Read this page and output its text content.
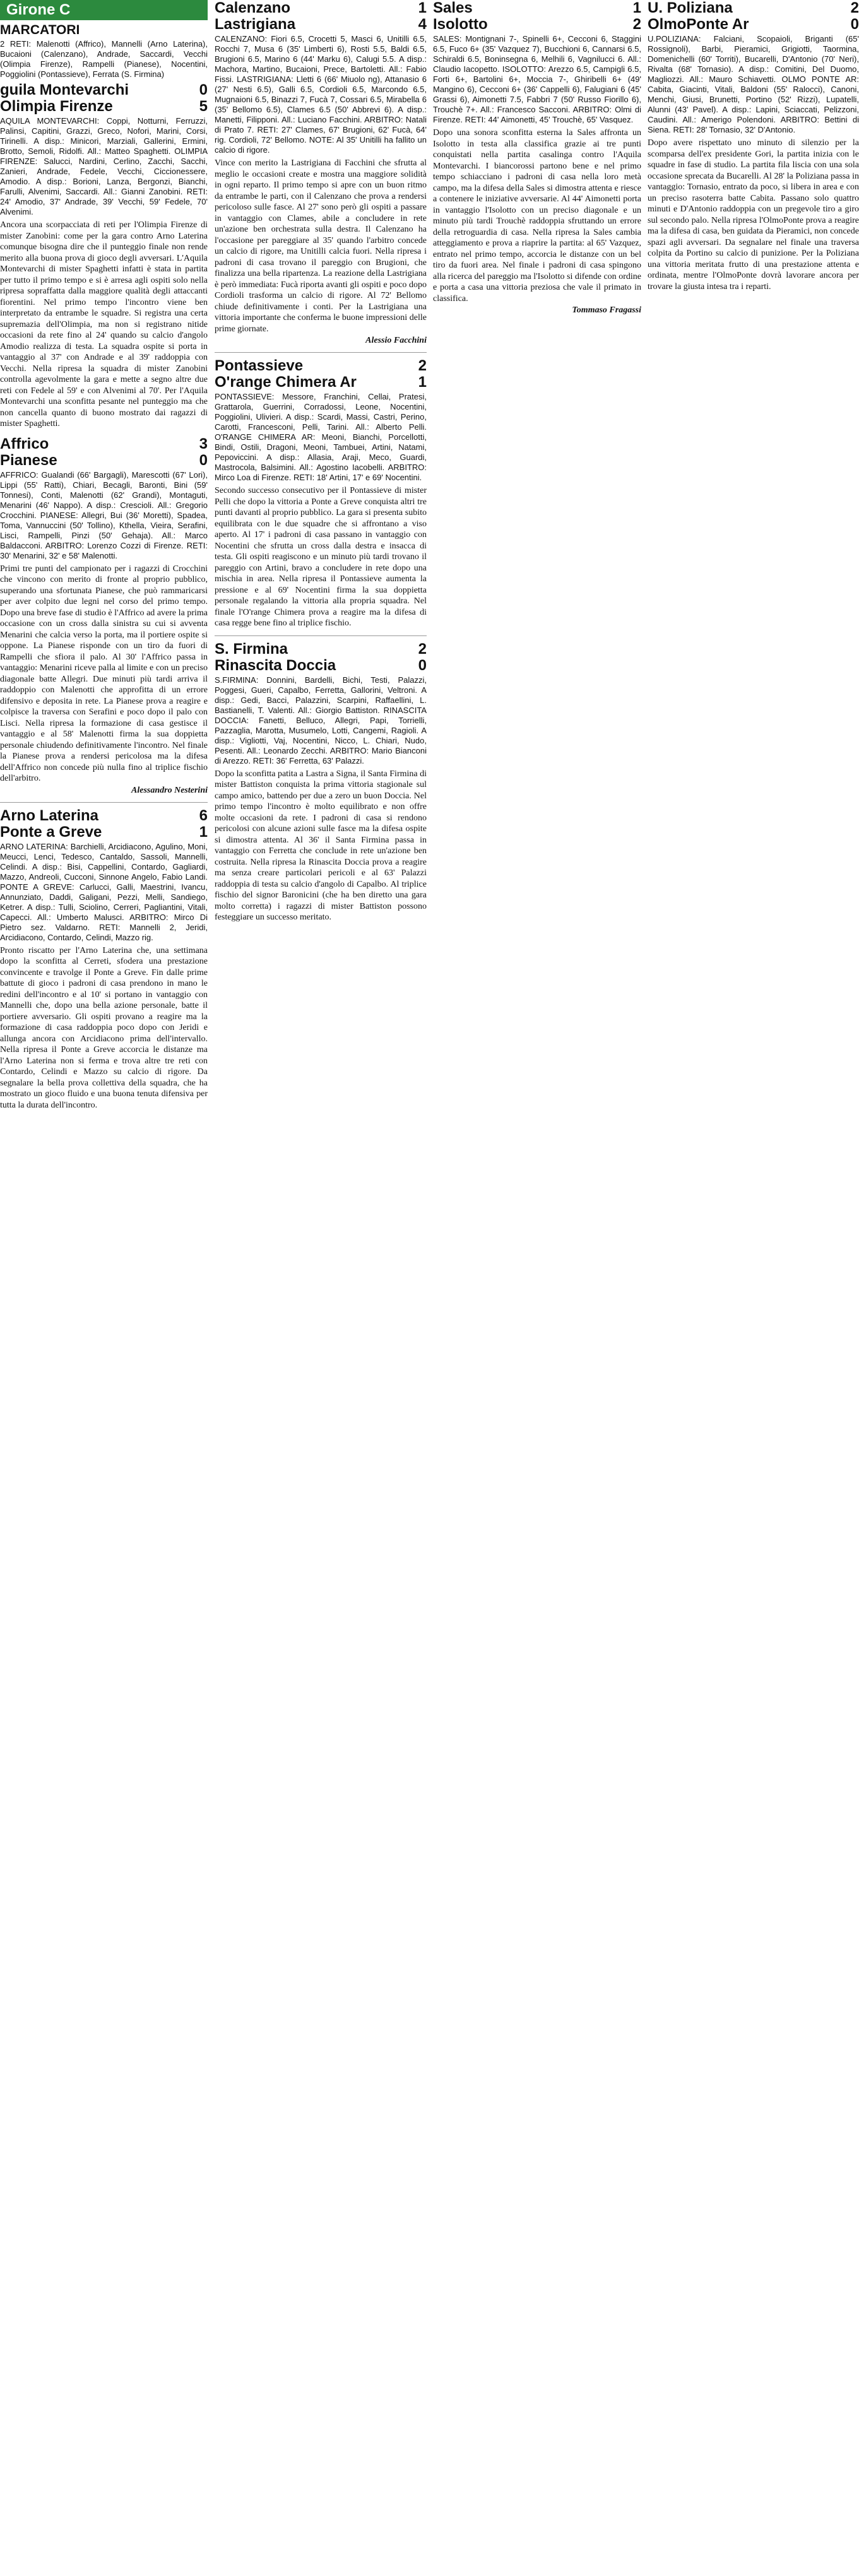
Girone C
MARCATORI

2 RETI: Malenotti (Affrico), Mannelli (Arno Laterina), Bucaioni (Calenzano), Andrade, Saccardi, Vecchi (Olimpia Firenze), Rampelli (Pianese), Nocentini, Poggiolini (Pontassieve), Ferrata (S. Firmina)

guila Montevarchi	0
Olimpia Firenze	5

AQUILA MONTEVARCHI: Coppi, Notturni, Ferruzzi, Palinsi, Capitini, Grazzi, Greco, Nofori, Marini, Corsi, Tirinelli. A disp.: Minicori, Marziali, Gallerini, Ermini, Brotto, Semoli, Ridolfi. All.: Matteo Spaghetti. OLIMPIA FIRENZE: Salucci, Nardini, Cerlino, Zacchi, Sacchi, Zanieri, Andrade, Fedele, Vecchi, Ciccionessere, Amodio. A disp.: Borioni, Lanza, Bergonzi, Bianchi, Farulli, Alvenimi, Saccardi. All.: Gianni Zanobini. RETI: 24' Amodio, 37' Andrade, 39' Vecchi, 59' Fedele, 70' Alvenimi.

Ancora una scorpacciata di reti per l'Olimpia Firenze di mister Zanobini: come per la gara contro Arno Laterina comunque bisogna dire che il punteggio finale non rende merito alla buona prova di gioco degli avversari. L'Aquila Montevarchi di mister Spaghetti infatti è stata in partita per tutto il primo tempo e si è arresa agli ospiti solo nella ripresa sopraffatta dalla maggiore qualità degli attaccanti fiorentini. Nel primo tempo l'incontro viene ben interpretato da entrambe le squadre. Si registra una certa supremazia dell'Olimpia, ma non si registrano nitide occasioni da rete fino al 24' quando su calcio d'angolo Amodio realizza di testa. La squadra ospite si porta in vantaggio al 37' con Andrade e al 39' raddoppia con Vecchi. Nella ripresa la squadra di mister Zanobini controlla agevolmente la gara e mette a segno altre due reti con Fedele al 59' e con Alvenimi al 70'. Per l'Aquila Montevarchi una sconfitta pesante nel punteggio ma che non cancella quanto di buono mostrato dai ragazzi di mister Spaghetti.

Affrico	3
Pianese	0

AFFRICO: Gualandi (66' Bargagli), Marescotti (67' Lori), Lippi (55' Ratti), Chiari, Becagli, Baronti, Bini (59' Tonnesi), Conti, Malenotti (62' Grandi), Montaguti, Menarini (46' Nappo). A disp.: Crescioli. All.: Gregorio Crocchini. PIANESE: Allegri, Bui (36' Moretti), Spadea, Toma, Vannuccini (50' Tollino), Kthella, Vieira, Serafini, Lisci, Rampelli, Pinzi (50' Gehaja). All.: Marco Baldacconi. ARBITRO: Lorenzo Cozzi di Firenze. RETI: 30' Menarini, 32' e 58' Malenotti.

Primi tre punti del campionato per i ragazzi di Crocchini che vincono con merito di fronte al proprio pubblico, superando una sfortunata Pianese, che può rammaricarsi per aver colpito due legni nel corso del primo tempo. Dopo una breve fase di studio è l'Affrico ad avere la prima occasione con un cross dalla sinistra su cui si avventa Menarini che calcia verso la porta, ma il portiere ospite si oppone. La Pianese risponde con un tiro da fuori di Rampelli che sfiora il palo. Al 30' l'Affrico passa in vantaggio: Menarini riceve palla al limite e con un preciso diagonale batte Allegri. Due minuti più tardi arriva il raddoppio con Malenotti che approfitta di un errore difensivo e deposita in rete. La Pianese prova a reagire e colpisce la traversa con Serafini e poco dopo il palo con Lisci. Nella ripresa la formazione di casa gestisce il vantaggio e al 58' Malenotti firma la sua doppietta personale chiudendo definitivamente l'incontro. Nel finale la Pianese prova a rendersi pericolosa ma la difesa dell'Affrico non concede più nulla fino al triplice fischio dell'arbitro.

Alessandro Nesterini
Arno Laterina	6
Ponte a Greve	1

ARNO LATERINA: Barchielli, Arcidiacono, Agulino, Moni, Meucci, Lenci, Tedesco, Cantaldo, Sassoli, Mannelli, Celindi. A disp.: Bisi, Cappellini, Contardo, Gagliardi, Mazzo, Andreoli, Cucconi, Sinnone Angelo, Fabio Landi. PONTE A GREVE: Carlucci, Galli, Maestrini, Ivancu, Annunziato, Daddi, Galigani, Pezzi, Melli, Sandiego, Ketrer. A disp.: Tulli, Sciolino, Cerreri, Pagliantini, Vitali, Capecci. All.: Umberto Malusci. ARBITRO: Mirco Di Pietro sez. Valdarno. RETI: Mannelli 2, Jeridi, Arcidiacono, Contardo, Celindi, Mazzo rig.

Pronto riscatto per l'Arno Laterina che, una settimana dopo la sconfitta al Cerreti, sfodera una prestazione convincente e travolge il Ponte a Greve. Fin dalle prime battute di gioco i padroni di casa prendono in mano le redini dell'incontro e al 10' si portano in vantaggio con Mannelli che, dopo una bella azione personale, batte il portiere avversario. Gli ospiti provano a reagire ma la formazione di casa raddoppia poco dopo con Jeridi e allunga ancora con Arcidiacono prima dell'intervallo. Nella ripresa il Ponte a Greve accorcia le distanze ma l'Arno Laterina non si ferma e trova altre tre reti con Contardo, Celindi e Mazzo su calcio di rigore. Da segnalare la bella prova collettiva della squadra, che ha mostrato un gioco fluido e una buona tenuta difensiva per tutta la durata dell'incontro.

Calenzano	1
Lastrigiana	4

CALENZANO: Fiori 6.5, Crocetti 5, Masci 6, Unitilli 6.5, Rocchi 7, Musa 6 (35' Limberti 6), Rosti 5.5, Baldi 6.5, Brugioni 6.5, Marino 6 (44' Marku 6), Calugi 5.5. A disp.: Machora, Martino, Bucaioni, Prece, Bartoletti. All.: Fabio Fissi. LASTRIGIANA: Lletti 6 (66' Miuolo ng), Attanasio 6 (27' Nesti 6.5), Galli 6.5, Cordioli 6.5, Marcondo 6.5, Mugnaioni 6.5, Binazzi 7, Fucà 7, Cossari 6.5, Mirabella 6 (35' Bellomo 6.5), Clames 6.5 (50' Abbrevi 6). A disp.: Manetti, Filipponi. All.: Luciano Facchini. ARBITRO: Natali di Prato 7. RETI: 27' Clames, 67' Brugioni, 62' Fucà, 64' rig. Cordioli, 72' Bellomo. NOTE: Al 35' Unitilli ha fallito un calcio di rigore.

Vince con merito la Lastrigiana di Facchini che sfrutta al meglio le occasioni create e mostra una maggiore solidità in ogni reparto. Il primo tempo si apre con un buon ritmo da entrambe le parti, con il Calenzano che prova a rendersi pericoloso sulle fasce. Al 27' sono però gli ospiti a passare in vantaggio con Clames, abile a concludere in rete un'azione ben orchestrata sulla destra. Il Calenzano ha l'occasione per pareggiare al 35' quando l'arbitro concede un calcio di rigore, ma Unitilli calcia fuori. Nella ripresa i padroni di casa trovano il pareggio con Brugioni, che finalizza una bella ripartenza. La reazione della Lastrigiana è però immediata: Fucà riporta avanti gli ospiti e poco dopo Cordioli trasforma un calcio di rigore. Al 72' Bellomo chiude definitivamente i conti. Per la Lastrigiana una vittoria importante che conferma le buone impressioni delle prime giornate.

Alessio Facchini
Pontassieve	2
O'range Chimera Ar	1

PONTASSIEVE: Messore, Franchini, Cellai, Pratesi, Grattarola, Guerrini, Corradossi, Leone, Nocentini, Poggiolini, Ulivieri. A disp.: Scardi, Massi, Castri, Perino, Carotti, Francesconi, Pelli, Tarini. All.: Alberto Pelli. O'RANGE CHIMERA AR: Meoni, Bianchi, Porcellotti, Bindi, Ostili, Dragoni, Meoni, Tambuei, Artini, Natami, Pepoviccini. A disp.: Allasia, Araji, Meco, Guardi, Mastrocola, Balsimini. All.: Agostino Iacobelli. ARBITRO: Mirco Loa di Firenze. RETI: 18' Artini, 17' e 69' Nocentini.

Secondo successo consecutivo per il Pontassieve di mister Pelli che dopo la vittoria a Ponte a Greve conquista altri tre punti davanti al proprio pubblico. La gara si presenta subito equilibrata con le due squadre che si affrontano a viso aperto. Al 17' i padroni di casa passano in vantaggio con Nocentini che sfrutta un cross dalla destra e insacca di testa. Gli ospiti reagiscono e un minuto più tardi trovano il pareggio con Artini, bravo a concludere in rete dopo una mischia in area. Nella ripresa il Pontassieve aumenta la pressione e al 69' Nocentini firma la sua doppietta personale regalando la vittoria alla propria squadra. Nel finale l'O'range Chimera prova a reagire ma la difesa di casa regge bene fino al triplice fischio.

S. Firmina	2
Rinascita Doccia	0

S.FIRMINA: Donnini, Bardelli, Bichi, Testi, Palazzi, Poggesi, Gueri, Capalbo, Ferretta, Gallorini, Veltroni. A disp.: Gedi, Bacci, Palazzini, Scarpini, Raffaellini, L. Bastianelli, T. Valenti. All.: Giorgio Battiston. RINASCITA DOCCIA: Fanetti, Belluco, Allegri, Papi, Torrielli, Pazzaglia, Marotta, Musumelo, Lotti, Cangemi, Ragioli. A disp.: Vigliotti, Vaj, Nocentini, Nicco, L. Chiari, Nudo, Pesenti. All.: Leonardo Zecchi. ARBITRO: Mario Bianconi di Arezzo. RETI: 36' Ferretta, 63' Palazzi.

Dopo la sconfitta patita a Lastra a Signa, il Santa Firmina di mister Battiston conquista la prima vittoria stagionale sul campo amico, battendo per due a zero un buon Doccia. Nel primo tempo l'incontro è molto equilibrato e non offre molte occasioni da rete. I padroni di casa si rendono pericolosi con alcune azioni sulle fasce ma la difesa ospite si dimostra attenta. Al 36' il Santa Firmina passa in vantaggio con Ferretta che conclude in rete un'azione ben costruita. Nella ripresa la Rinascita Doccia prova a reagire ma senza creare particolari pericoli e al 63' Palazzi raddoppia di testa su calcio d'angolo di Capalbo. Al triplice fischio del signor Baronicini (che ha ben diretto una gara molto corretta) i ragazzi di mister Battiston possono festeggiare un successo meritato.

Sales	1
Isolotto	2

SALES: Montignani 7-, Spinelli 6+, Cecconi 6, Staggini 6.5, Fuco 6+ (35' Vazquez 7), Bucchioni 6, Cannarsi 6.5, Schiraldi 6.5, Boninsegna 6, Melhili 6, Vagnilucci 6. All.: Claudio Iacopetto. ISOLOTTO: Arezzo 6.5, Campigli 6.5, Forti 6+, Bartolini 6+, Moccia 7-, Ghiribelli 6+ (49' Mangino 6), Cecconi 6+ (36' Cappelli 6), Falugiani 6 (45' Grassi 6), Aimonetti 7.5, Fabbri 7 (50' Russo Fiorillo 6), Trouchè 7+. All.: Francesco Sacconi. ARBITRO: Olmi di Firenze. RETI: 44' Aimonetti, 45' Trouchè, 65' Vasquez.

Dopo una sonora sconfitta esterna la Sales affronta un Isolotto in testa alla classifica grazie ai tre punti conquistati nella partita casalinga contro l'Aquila Montevarchi. I biancorossi partono bene e nel primo tempo schiacciano i padroni di casa nella loro metà campo, ma la difesa della Sales si dimostra attenta e riesce a contenere le iniziative avversarie. Al 44' Aimonetti porta in vantaggio l'Isolotto con un preciso diagonale e un minuto più tardi Trouchè raddoppia sfruttando un errore della retroguardia di casa. Nella ripresa la Sales cambia atteggiamento e prova a riaprire la partita: al 65' Vazquez, entrato nel primo tempo, accorcia le distanze con un bel tiro da fuori area. Nel finale i padroni di casa spingono alla ricerca del pareggio ma l'Isolotto si difende con ordine e porta a casa una vittoria preziosa che vale il primato in classifica.

Tommaso Fragassi
U. Poliziana	2
OlmoPonte Ar	0

U.POLIZIANA: Falciani, Scopaioli, Briganti (65' Rossignoli), Barbi, Pieramici, Grigiotti, Taormina, Domenichelli (60' Torriti), Bucarelli, D'Antonio (70' Neri), Rivalta (68' Tornasio). A disp.: Comitini, Del Duomo, Magliozzi. All.: Mauro Schiavetti. OLMO PONTE AR: Cabita, Giacinti, Vitali, Baldoni (55' Ralocci), Canoni, Menchi, Giusi, Brunetti, Portino (52' Rizzi), Lupatelli, Alunni (43' Pavel). A disp.: Lapini, Sciaccati, Pelizzoni, Caudini. All.: Amerigo Polendoni. ARBITRO: Bettini di Siena. RETI: 28' Tornasio, 32' D'Antonio.

Dopo avere rispettato uno minuto di silenzio per la scomparsa dell'ex presidente Gori, la partita inizia con le squadre in fase di studio. La partita fila liscia con una sola occasione sprecata da Bucarelli. Al 28' la Poliziana passa in vantaggio: Tornasio, entrato da poco, si libera in area e con un preciso rasoterra batte Cabita. Passano solo quattro minuti e D'Antonio raddoppia con un pregevole tiro a giro sul secondo palo. Nella ripresa l'OlmoPonte prova a reagire ma la difesa di casa, ben guidata da Pieramici, non concede spazi agli avversari. Da segnalare nel finale una traversa colpita da Portino su calcio di punizione. Per la Poliziana una vittoria meritata frutto di una prestazione attenta e ordinata, mentre l'OlmoPonte dovrà lavorare ancora per trovare la giusta intesa tra i reparti.
